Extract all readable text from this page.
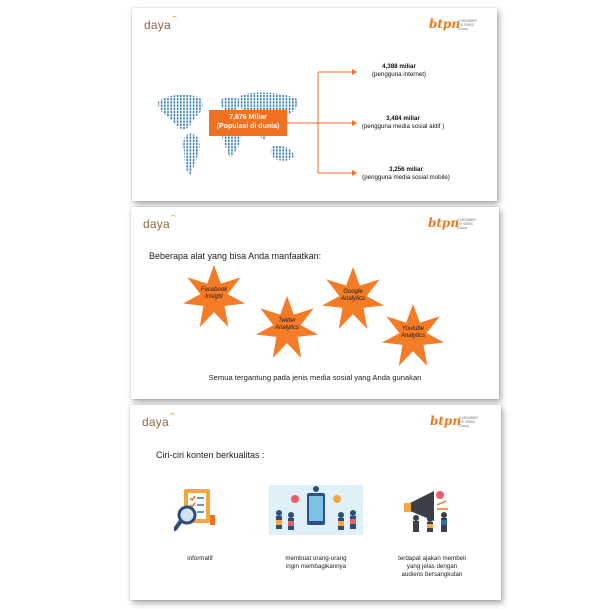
daya	btpn
A MEMBER OF SMBC Group
7,676 Miliar
(Populasi di dunia)
4,388 miliar
(pengguna internet)
3,484 miliar
(pengguna media sosial aktif )
3,256 miliar
(pengguna media sosial mobile)
daya	btpn
A MEMBER OF SMBC Group
Beberapa alat yang bisa Anda manfaatkan:
Facebook
Insight
Twitter
Analytics
Google
Analytics
Youtube
Analytics
Semua tergantung pada jenis media sosial yang Anda gunakan
daya	btpn
A MEMBER OF SMBC Group
Ciri-ciri konten berkualitas :
informatif	membuat orang-orang
ingin membagikannya
terdapat ajakan membeli
yang jelas dengan
audiens bersangkutan
